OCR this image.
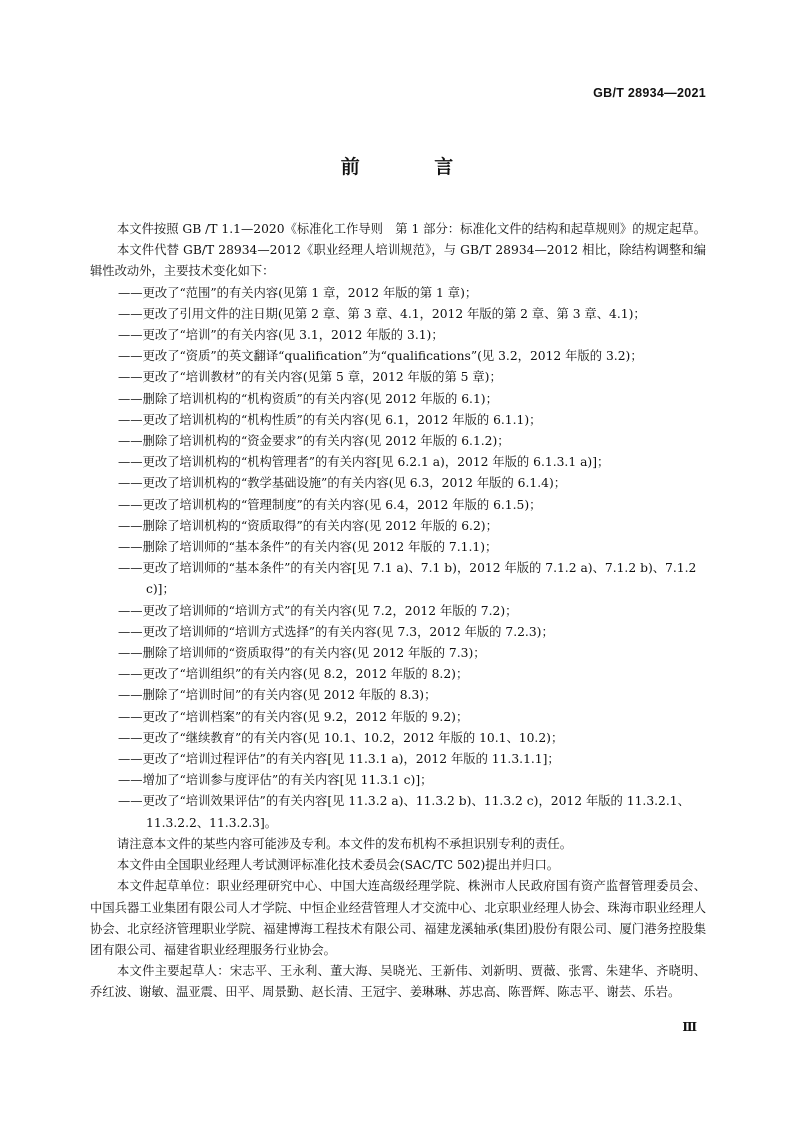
GB/T 28934—2021
前 言

本文件按照 GB /T 1.1—2020《标准化工作导则　第 1 部分：标准化文件的结构和起草规则》的规定起草。

本文件代替 GB/T 28934—2012《职业经理人培训规范》，与 GB/T 28934—2012 相比，除结构调整和编辑性改动外，主要技术变化如下：

——更改了“范围”的有关内容(见第 1 章，2012 年版的第 1 章)；

——更改了引用文件的注日期(见第 2 章、第 3 章、4.1，2012 年版的第 2 章、第 3 章、4.1)；

——更改了“培训”的有关内容(见 3.1，2012 年版的 3.1)；

——更改了“资质”的英文翻译“qualification”为“qualifications”(见 3.2，2012 年版的 3.2)；

——更改了“培训教材”的有关内容(见第 5 章，2012 年版的第 5 章)；

——删除了培训机构的“机构资质”的有关内容(见 2012 年版的 6.1)；

——更改了培训机构的“机构性质”的有关内容(见 6.1，2012 年版的 6.1.1)；

——删除了培训机构的“资金要求”的有关内容(见 2012 年版的 6.1.2)；

——更改了培训机构的“机构管理者”的有关内容[见 6.2.1 a)，2012 年版的 6.1.3.1 a)]；

——更改了培训机构的“教学基础设施”的有关内容(见 6.3，2012 年版的 6.1.4)；

——更改了培训机构的“管理制度”的有关内容(见 6.4，2012 年版的 6.1.5)；

——删除了培训机构的“资质取得”的有关内容(见 2012 年版的 6.2)；

——删除了培训师的“基本条件”的有关内容(见 2012 年版的 7.1.1)；

——更改了培训师的“基本条件”的有关内容[见 7.1 a)、7.1 b)，2012 年版的 7.1.2 a)、7.1.2 b)、7.1.2 c)]；

——更改了培训师的“培训方式”的有关内容(见 7.2，2012 年版的 7.2)；

——更改了培训师的“培训方式选择”的有关内容(见 7.3，2012 年版的 7.2.3)；

——删除了培训师的“资质取得”的有关内容(见 2012 年版的 7.3)；

——更改了“培训组织”的有关内容(见 8.2，2012 年版的 8.2)；

——删除了“培训时间”的有关内容(见 2012 年版的 8.3)；

——更改了“培训档案”的有关内容(见 9.2，2012 年版的 9.2)；

——更改了“继续教育”的有关内容(见 10.1、10.2，2012 年版的 10.1、10.2)；

——更改了“培训过程评估”的有关内容[见 11.3.1 a)，2012 年版的 11.3.1.1]；

——增加了“培训参与度评估”的有关内容[见 11.3.1 c)]；

——更改了“培训效果评估”的有关内容[见 11.3.2 a)、11.3.2 b)、11.3.2 c)，2012 年版的 11.3.2.1、11.3.2.2、11.3.2.3]。

请注意本文件的某些内容可能涉及专利。本文件的发布机构不承担识别专利的责任。

本文件由全国职业经理人考试测评标准化技术委员会(SAC/TC 502)提出并归口。

本文件起草单位：职业经理研究中心、中国大连高级经理学院、株洲市人民政府国有资产监督管理委员会、中国兵器工业集团有限公司人才学院、中恒企业经营管理人才交流中心、北京职业经理人协会、珠海市职业经理人协会、北京经济管理职业学院、福建博海工程技术有限公司、福建龙溪轴承(集团)股份有限公司、厦门港务控股集团有限公司、福建省职业经理服务行业协会。

本文件主要起草人：宋志平、王永利、董大海、吴晓光、王新伟、刘新明、贾薇、张霄、朱建华、齐晓明、乔红波、谢敏、温亚震、田平、周景勤、赵长清、王冠宇、姜琳琳、苏忠高、陈晋辉、陈志平、谢芸、乐岩。

Ⅲ
